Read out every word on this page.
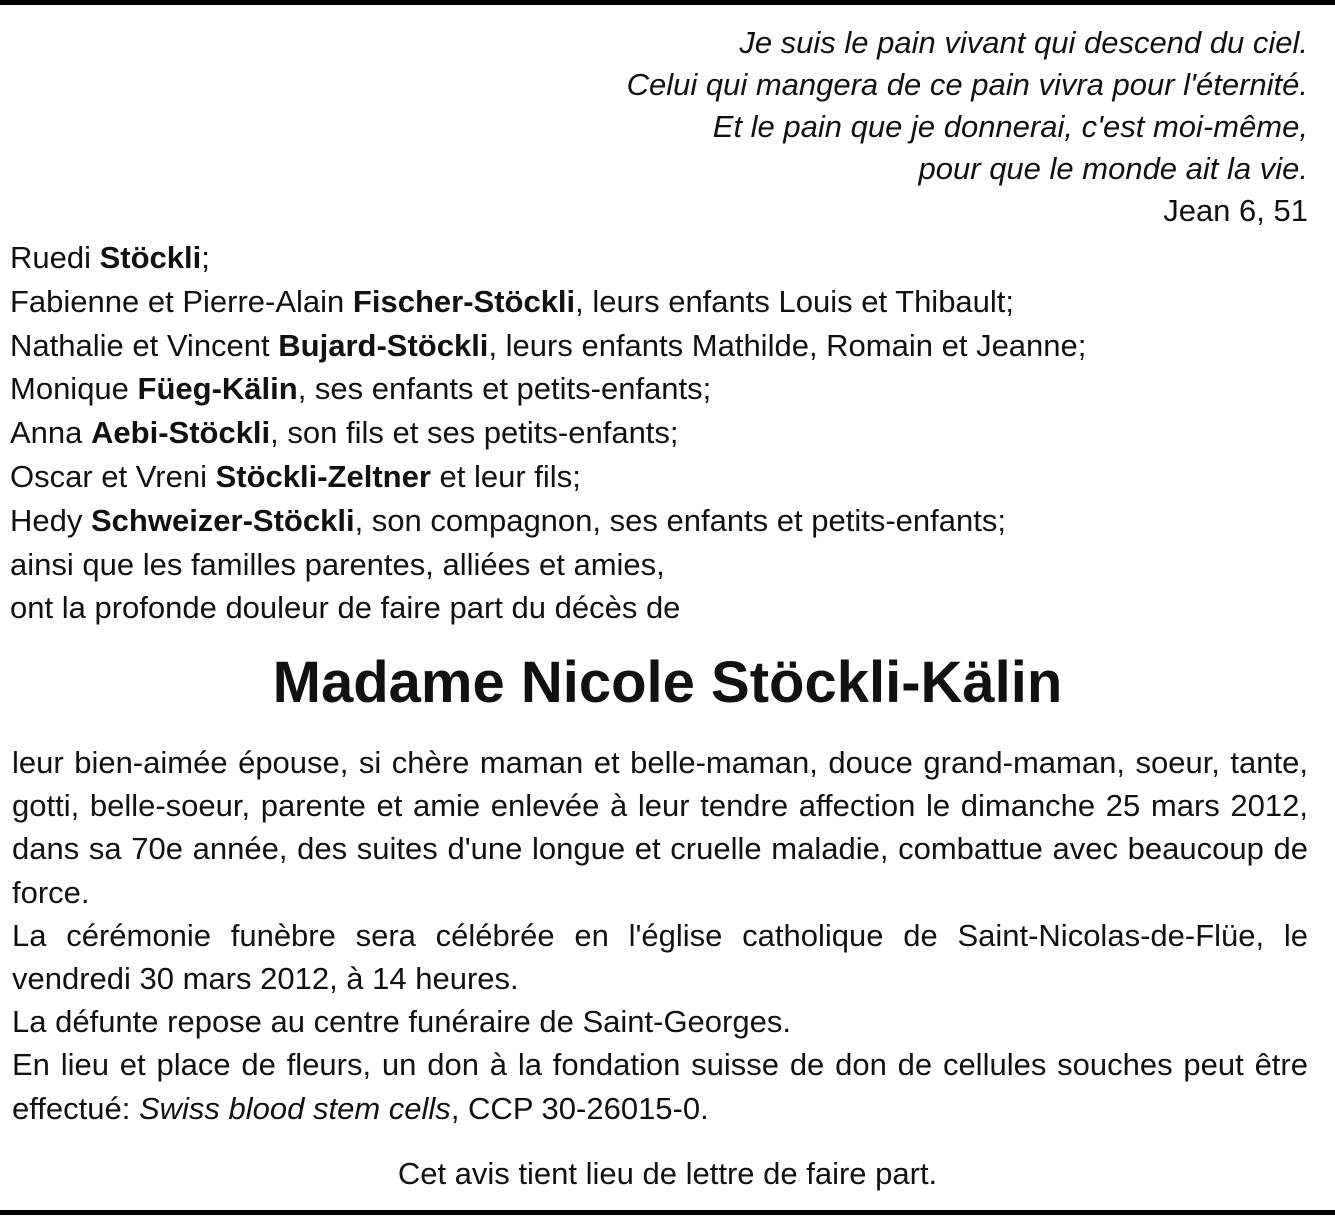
Je suis le pain vivant qui descend du ciel.
Celui qui mangera de ce pain vivra pour l'éternité.
Et le pain que je donnerai, c'est moi-même,
pour que le monde ait la vie.
Jean 6, 51
Ruedi Stöckli;
Fabienne et Pierre-Alain Fischer-Stöckli, leurs enfants Louis et Thibault;
Nathalie et Vincent Bujard-Stöckli, leurs enfants Mathilde, Romain et Jeanne;
Monique Füeg-Kälin, ses enfants et petits-enfants;
Anna Aebi-Stöckli, son fils et ses petits-enfants;
Oscar et Vreni Stöckli-Zeltner et leur fils;
Hedy Schweizer-Stöckli, son compagnon, ses enfants et petits-enfants;
ainsi que les familles parentes, alliées et amies,
ont la profonde douleur de faire part du décès de
Madame Nicole Stöckli-Kälin
leur bien-aimée épouse, si chère maman et belle-maman, douce grand-maman, soeur, tante, gotti, belle-soeur, parente et amie enlevée à leur tendre affection le dimanche 25 mars 2012, dans sa 70e année, des suites d'une longue et cruelle maladie, combattue avec beaucoup de force.
La cérémonie funèbre sera célébrée en l'église catholique de Saint-Nicolas-de-Flüe, le vendredi 30 mars 2012, à 14 heures.
La défunte repose au centre funéraire de Saint-Georges.
En lieu et place de fleurs, un don à la fondation suisse de don de cellules souches peut être effectué: Swiss blood stem cells, CCP 30-26015-0.
Cet avis tient lieu de lettre de faire part.
